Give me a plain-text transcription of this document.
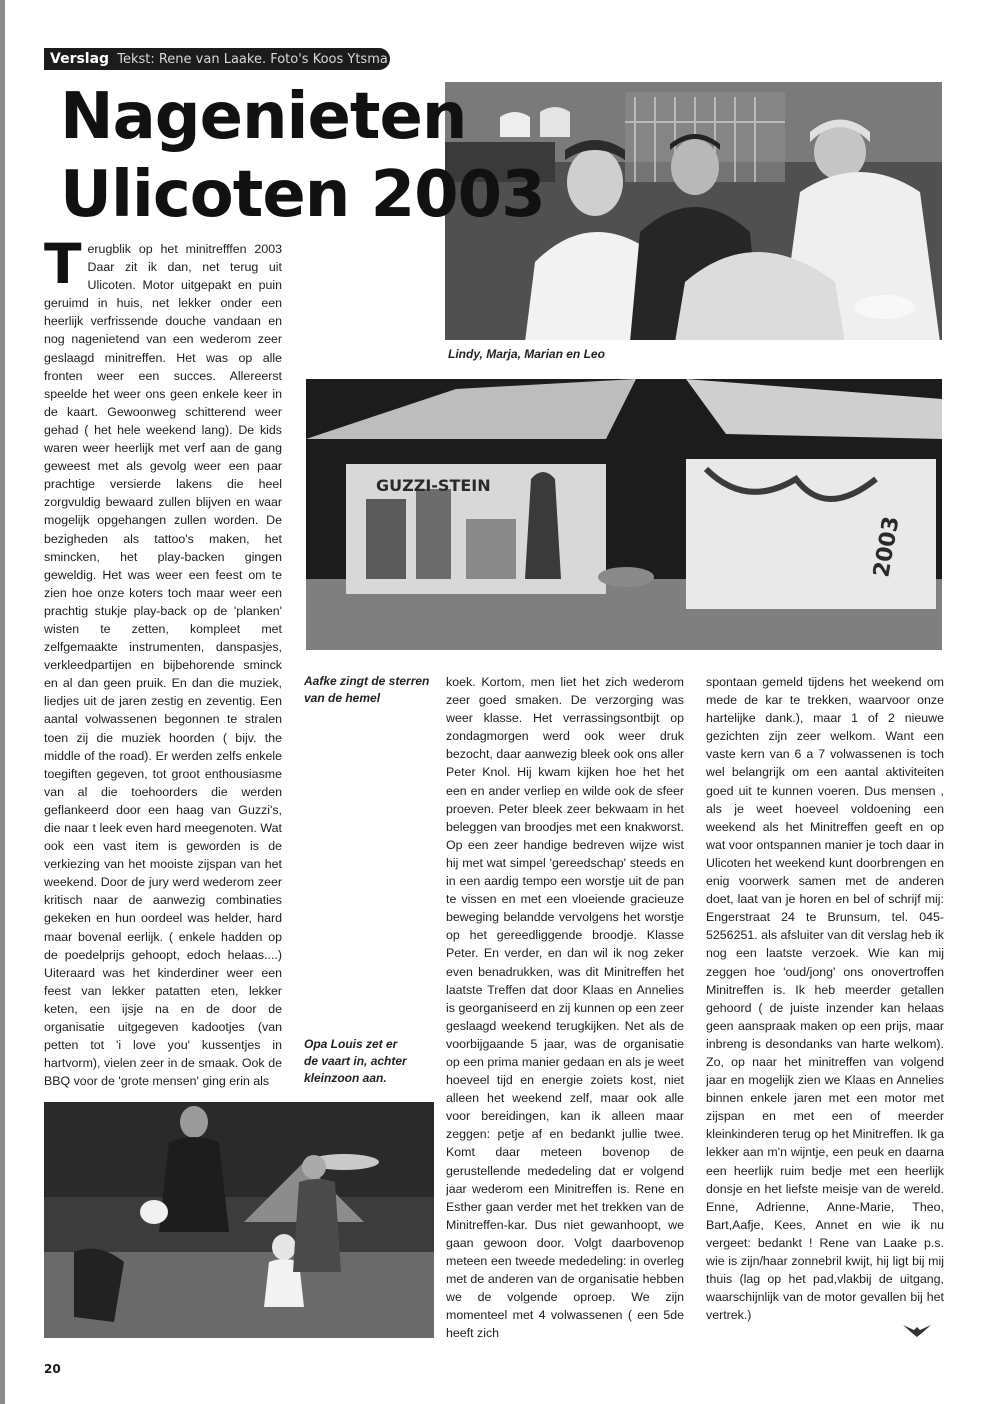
Verslag Tekst: Rene van Laake. Foto's Koos Ytsma
Nagenieten
Ulicoten 2003
Lindy, Marja, Marian en Leo
GUZZI-STEIN
2003
Terugblik op het minitrefffen 2003 Daar zit ik dan, net terug uit Ulicoten. Motor uitgepakt en puin geruimd in huis, net lekker onder een heerlijk verfrissende douche vandaan en nog nagenietend van een wederom zeer geslaagd minitreffen. Het was op alle fronten weer een succes. Allereerst speelde het weer ons geen enkele keer in de kaart. Gewoonweg schitterend weer gehad ( het hele weekend lang). De kids waren weer heerlijk met verf aan de gang geweest met als gevolg weer een paar prachtige versierde lakens die heel zorgvuldig bewaard zullen blijven en waar mogelijk opgehangen zullen worden. De bezigheden als tattoo's maken, het smincken, het play-backen gingen geweldig. Het was weer een feest om te zien hoe onze koters toch maar weer een prachtig stukje play-back op de 'planken' wisten te zetten, kompleet met zelfgemaakte instrumenten, danspasjes, verkleedpartijen en bijbehorende sminck en al dan geen pruik. En dan die muziek, liedjes uit de jaren zestig en zeventig. Een aantal volwassenen begonnen te stralen toen zij die muziek hoorden ( bijv. the middle of the road). Er werden zelfs enkele toegiften gegeven, tot groot enthousiasme van al die toehoorders die werden geflankeerd door een haag van Guzzi's, die naar t leek even hard meegenoten. Wat ook een vast item is geworden is de verkiezing van het mooiste zijspan van het weekend. Door de jury werd wederom zeer kritisch naar de aanwezig combinaties gekeken en hun oordeel was helder, hard maar bovenal eerlijk. ( enkele hadden op de poedelprijs gehoopt, edoch helaas....) Uiteraard was het kinderdiner weer een feest van lekker patatten eten, lekker keten, een ijsje na en de door de organisatie uitgegeven kadootjes (van petten tot 'i love you' kussentjes in hartvorm), vielen zeer in de smaak. Ook de BBQ voor de 'grote mensen' ging erin als
Aafke zingt de sterren van de hemel
Opa Louis zet er de vaart in, achter kleinzoon aan.
koek. Kortom, men liet het zich wederom zeer goed smaken. De verzorging was weer klasse. Het verrassingsontbijt op zondagmorgen werd ook weer druk bezocht, daar aanwezig bleek ook ons aller Peter Knol. Hij kwam kijken hoe het het een en ander verliep en wilde ook de sfeer proeven. Peter bleek zeer bekwaam in het beleggen van broodjes met een knakworst. Op een zeer handige bedreven wijze wist hij met wat simpel 'gereedschap' steeds en in een aardig tempo een worstje uit de pan te vissen en met een vloeiende gracieuze beweging belandde vervolgens het worstje op het gereedliggende broodje. Klasse Peter. En verder, en dan wil ik nog zeker even benadrukken, was dit Minitreffen het laatste Treffen dat door Klaas en Annelies is georganiseerd en zij kunnen op een zeer geslaagd weekend terugkijken. Net als de voorbijgaande 5 jaar, was de organisatie op een prima manier gedaan en als je weet hoeveel tijd en energie zoiets kost, niet alleen het weekend zelf, maar ook alle voor bereidingen, kan ik alleen maar zeggen: petje af en bedankt jullie twee. Komt daar meteen bovenop de gerustellende mededeling dat er volgend jaar wederom een Minitreffen is. Rene en Esther gaan verder met het trekken van de Minitreffen-kar. Dus niet gewanhoopt, we gaan gewoon door. Volgt daarbovenop meteen een tweede mededeling: in overleg met de anderen van de organisatie hebben we de volgende oproep. We zijn momenteel met 4 volwassenen ( een 5de heeft zich
spontaan gemeld tijdens het weekend om mede de kar te trekken, waarvoor onze hartelijke dank.), maar 1 of 2 nieuwe gezichten zijn zeer welkom. Want een vaste kern van 6 a 7 volwassenen is toch wel belangrijk om een aantal aktiviteiten goed uit te kunnen voeren. Dus mensen , als je weet hoeveel voldoening een weekend als het Minitreffen geeft en op wat voor ontspannen manier je toch daar in Ulicoten het weekend kunt doorbrengen en enig voorwerk samen met de anderen doet, laat van je horen en bel of schrijf mij: Engerstraat 24 te Brunsum, tel. 045-5256251. als afsluiter van dit verslag heb ik nog een laatste verzoek. Wie kan mij zeggen hoe 'oud/jong' ons onovertroffen Minitreffen is. Ik heb meerder getallen gehoord ( de juiste inzender kan helaas geen aanspraak maken op een prijs, maar inbreng is desondanks van harte welkom). Zo, op naar het minitreffen van volgend jaar en mogelijk zien we Klaas en Annelies binnen enkele jaren met een motor met zijspan en met een of meerder kleinkinderen terug op het Minitreffen. Ik ga lekker aan m'n wijntje, een peuk en daarna een heerlijk ruim bedje met een heerlijk donsje en het liefste meisje van de wereld. Enne, Adrienne, Anne-Marie, Theo, Bart,Aafje, Kees, Annet en wie ik nu vergeet: bedankt ! Rene van Laake p.s. wie is zijn/haar zonnebril kwijt, hij ligt bij mij thuis (lag op het pad,vlakbij de uitgang, waarschijnlijk van de motor gevallen bij het vertrek.)
20
